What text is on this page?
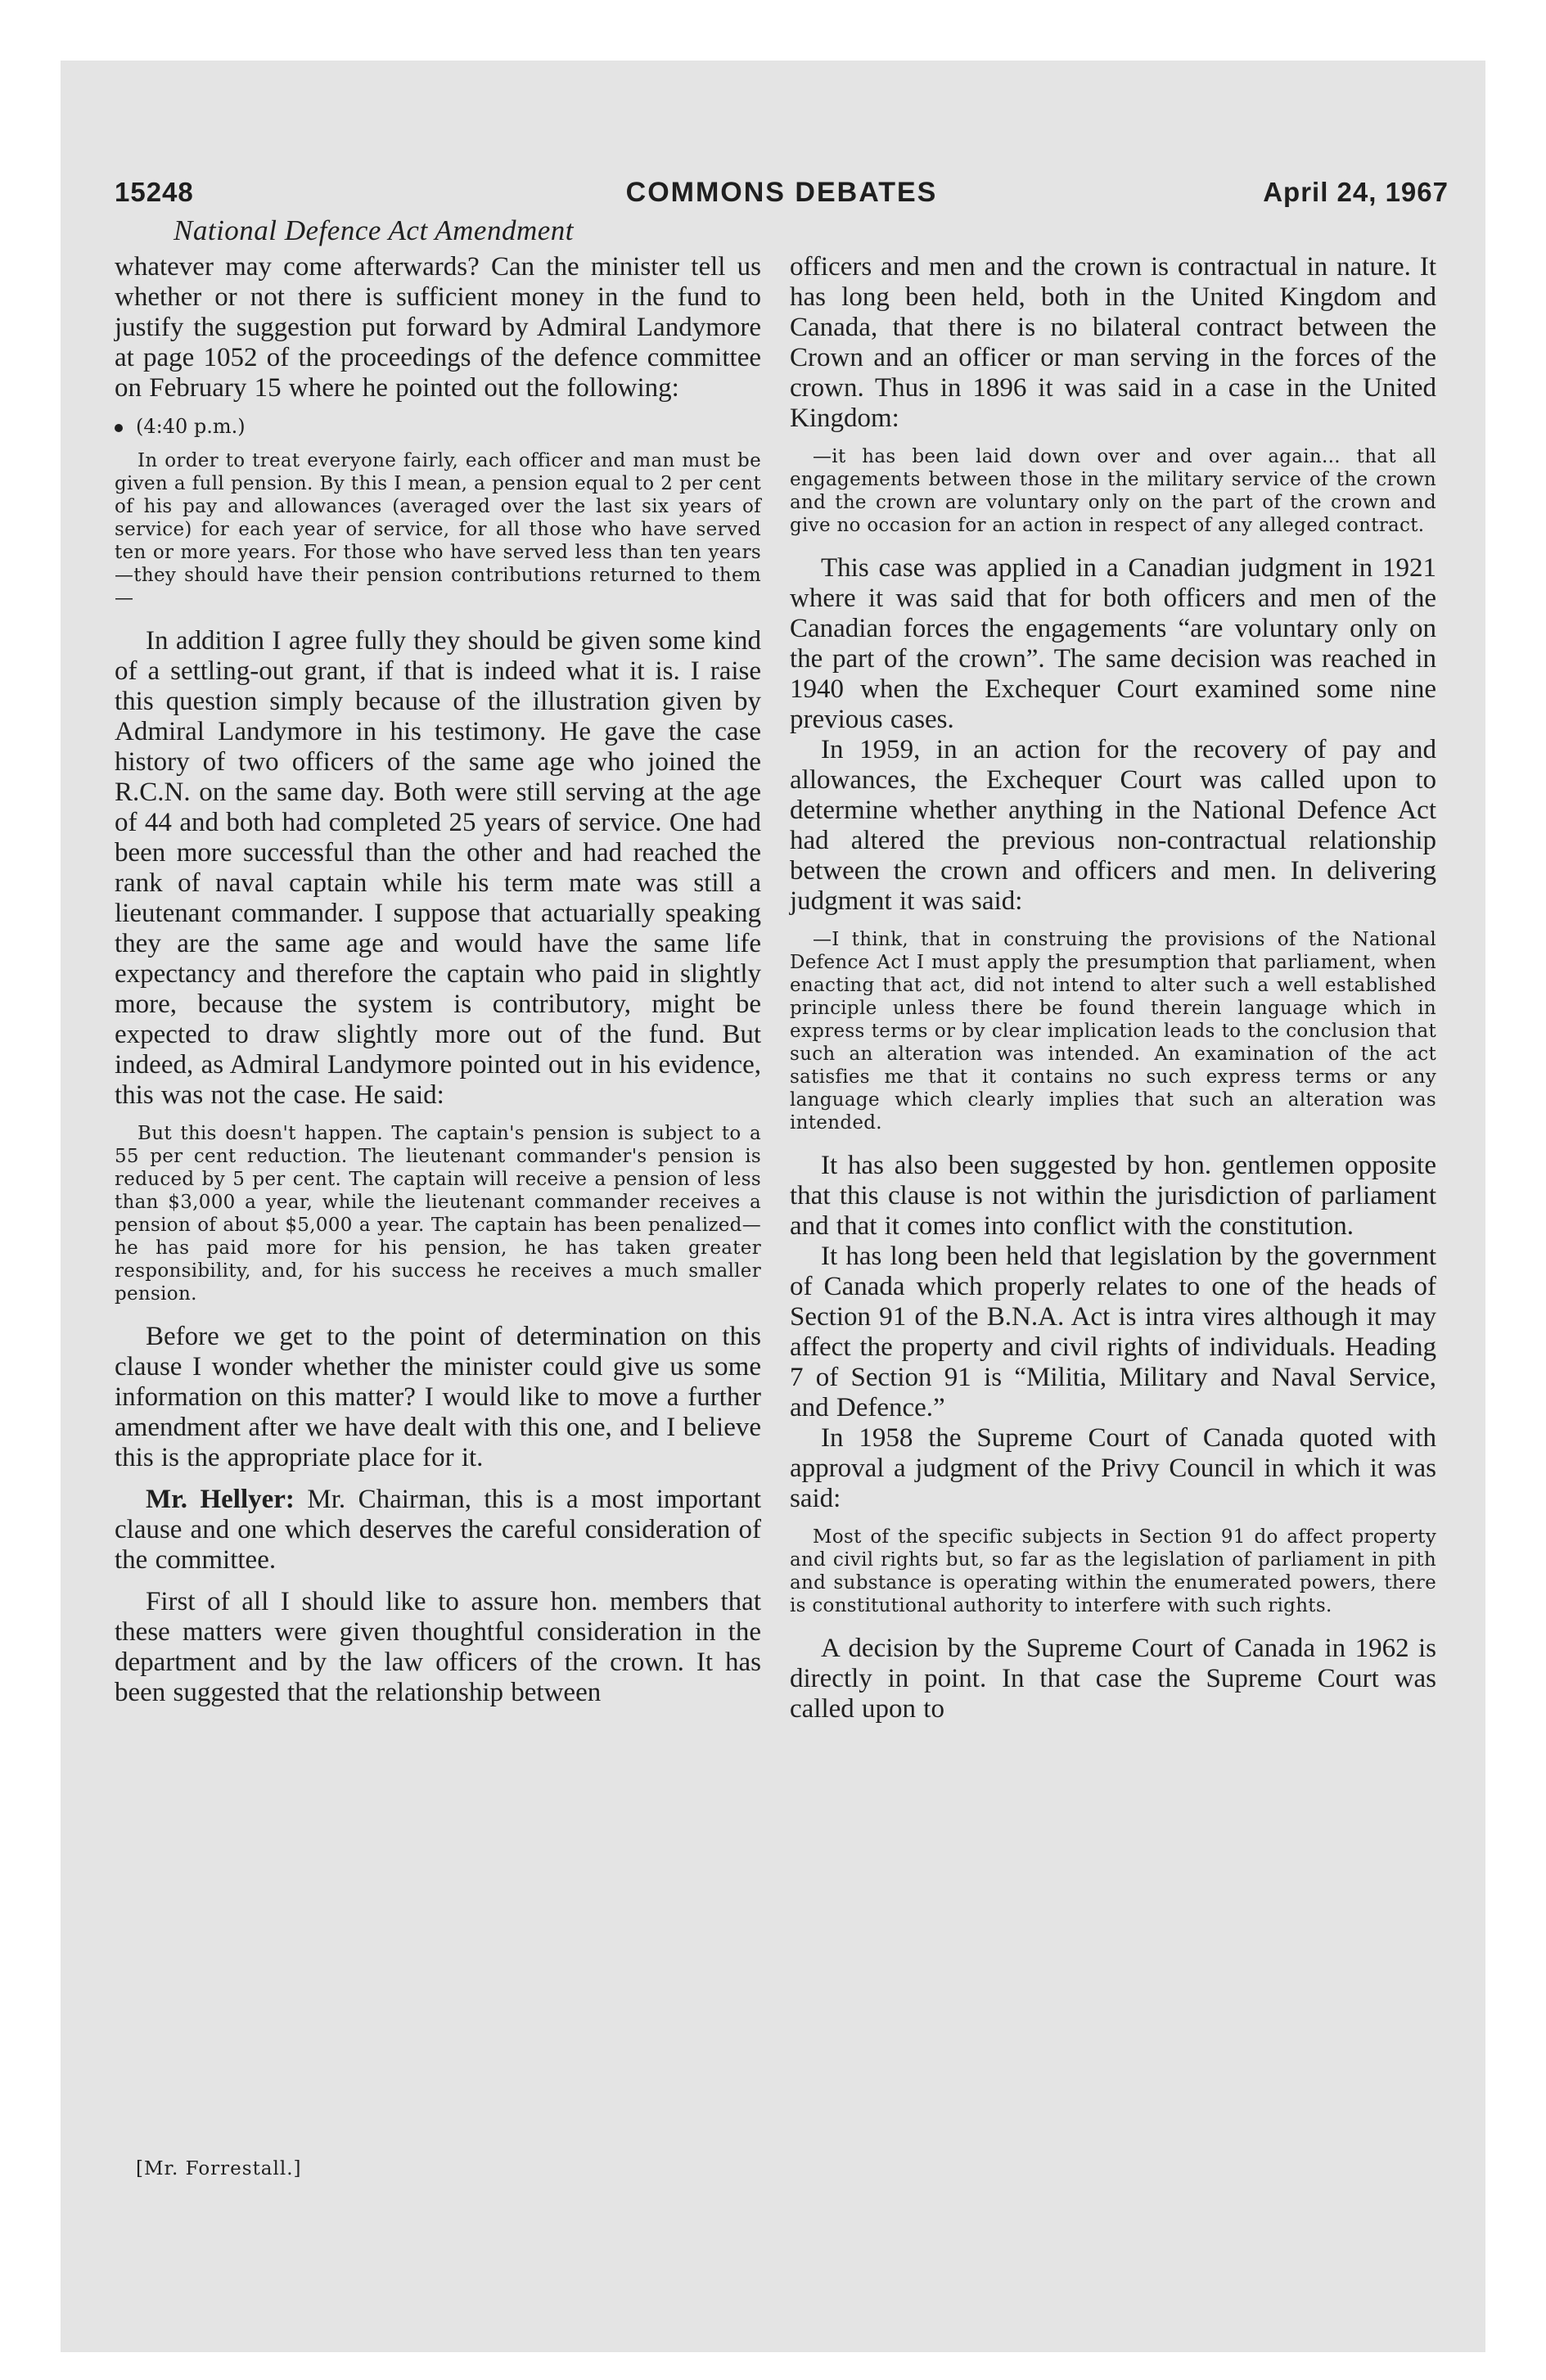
15248	COMMONS DEBATES	April 24, 1967
National Defence Act Amendment

whatever may come afterwards? Can the minister tell us whether or not there is sufficient money in the fund to justify the suggestion put forward by Admiral Landymore at page 1052 of the proceedings of the defence committee on February 15 where he pointed out the following:

(4:40 p.m.)

In order to treat everyone fairly, each officer and man must be given a full pension. By this I mean, a pension equal to 2 per cent of his pay and allowances (averaged over the last six years of service) for each year of service, for all those who have served ten or more years. For those who have served less than ten years—they should have their pension contributions returned to them—

In addition I agree fully they should be given some kind of a settling-out grant, if that is indeed what it is. I raise this question simply because of the illustration given by Admiral Landymore in his testimony. He gave the case history of two officers of the same age who joined the R.C.N. on the same day. Both were still serving at the age of 44 and both had completed 25 years of service. One had been more successful than the other and had reached the rank of naval captain while his term mate was still a lieutenant commander. I suppose that actuarially speaking they are the same age and would have the same life expectancy and therefore the captain who paid in slightly more, because the system is contributory, might be expected to draw slightly more out of the fund. But indeed, as Admiral Landymore pointed out in his evidence, this was not the case. He said:

But this doesn't happen. The captain's pension is subject to a 55 per cent reduction. The lieutenant commander's pension is reduced by 5 per cent. The captain will receive a pension of less than $3,000 a year, while the lieutenant commander receives a pension of about $5,000 a year. The captain has been penalized—he has paid more for his pension, he has taken greater responsibility, and, for his success he receives a much smaller pension.

Before we get to the point of determination on this clause I wonder whether the minister could give us some information on this matter? I would like to move a further amendment after we have dealt with this one, and I believe this is the appropriate place for it.

Mr. Hellyer: Mr. Chairman, this is a most important clause and one which deserves the careful consideration of the committee.

First of all I should like to assure hon. members that these matters were given thoughtful consideration in the department and by the law officers of the crown. It has been suggested that the relationship between

officers and men and the crown is contractual in nature. It has long been held, both in the United Kingdom and Canada, that there is no bilateral contract between the Crown and an officer or man serving in the forces of the crown. Thus in 1896 it was said in a case in the United Kingdom:

—it has been laid down over and over again... that all engagements between those in the military service of the crown and the crown are voluntary only on the part of the crown and give no occasion for an action in respect of any alleged contract.

This case was applied in a Canadian judgment in 1921 where it was said that for both officers and men of the Canadian forces the engagements “are voluntary only on the part of the crown”. The same decision was reached in 1940 when the Exchequer Court examined some nine previous cases.

In 1959, in an action for the recovery of pay and allowances, the Exchequer Court was called upon to determine whether anything in the National Defence Act had altered the previous non-contractual relationship between the crown and officers and men. In delivering judgment it was said:

—I think, that in construing the provisions of the National Defence Act I must apply the presumption that parliament, when enacting that act, did not intend to alter such a well established principle unless there be found therein language which in express terms or by clear implication leads to the conclusion that such an alteration was intended. An examination of the act satisfies me that it contains no such express terms or any language which clearly implies that such an alteration was intended.

It has also been suggested by hon. gentlemen opposite that this clause is not within the jurisdiction of parliament and that it comes into conflict with the constitution.

It has long been held that legislation by the government of Canada which properly relates to one of the heads of Section 91 of the B.N.A. Act is intra vires although it may affect the property and civil rights of individuals. Heading 7 of Section 91 is “Militia, Military and Naval Service, and Defence.”

In 1958 the Supreme Court of Canada quoted with approval a judgment of the Privy Council in which it was said:

Most of the specific subjects in Section 91 do affect property and civil rights but, so far as the legislation of parliament in pith and substance is operating within the enumerated powers, there is constitutional authority to interfere with such rights.

A decision by the Supreme Court of Canada in 1962 is directly in point. In that case the Supreme Court was called upon to

[Mr. Forrestall.]
